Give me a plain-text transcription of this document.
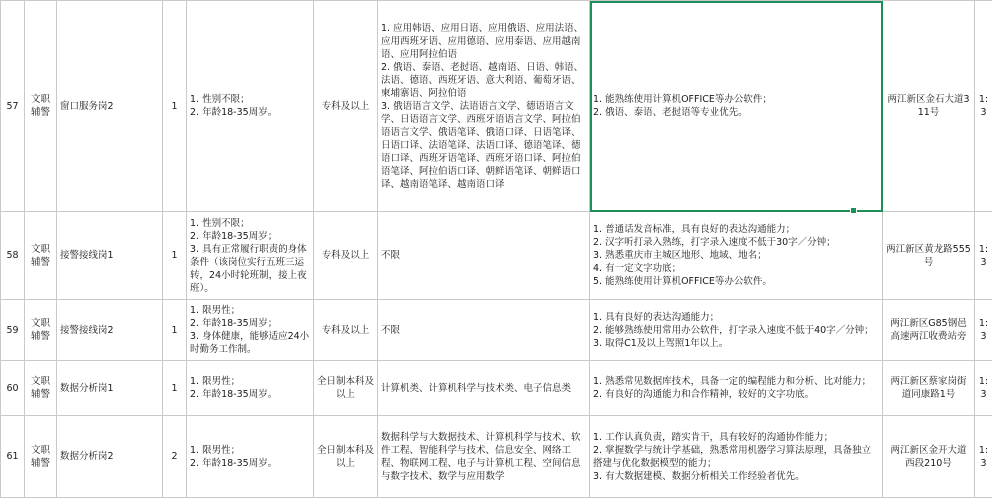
57	文职
辅警	窗口服务岗2	1	1. 性别不限；
2. 年龄18-35周岁。	专科及以上	1. 应用韩语、应用日语、应用俄语、应用法语、应用西班牙语、应用德语、应用泰语、应用越南语、应用阿拉伯语
2. 俄语、泰语、老挝语、越南语、日语、韩语、法语、德语、西班牙语、意大利语、葡萄牙语、柬埔寨语、阿拉伯语
3. 俄语语言文学、法语语言文学、德语语言文学、日语语言文学、西班牙语语言文学、阿拉伯语语言文学、俄语笔译、俄语口译、日语笔译、日语口译、法语笔译、法语口译、德语笔译、德语口译、西班牙语笔译、西班牙语口译、阿拉伯语笔译、阿拉伯语口译、朝鲜语笔译、朝鲜语口译、越南语笔译、越南语口译	1. 能熟练使用计算机OFFICE等办公软件；
2. 俄语、泰语、老挝语等专业优先。	两江新区金石大道311号	1:3
58	文职
辅警	接警接线岗1	1	1. 性别不限；
2. 年龄18-35周岁；
3. 具有正常履行职责的身体条件（该岗位实行五班三运转，24小时轮班制，接上夜班）。	专科及以上	不限	1. 普通话发音标准，具有良好的表达沟通能力；
2. 汉字听打录入熟练，打字录入速度不低于30字／分钟；
3. 熟悉重庆市主城区地形、地域、地名；
4. 有一定文字功底；
5. 能熟练使用计算机OFFICE等办公软件。	两江新区黄龙路555号	1:3
59	文职
辅警	接警接线岗2	1	1. 限男性；
2. 年龄18-35周岁；
3. 身体健康，能够适应24小时勤务工作制。	专科及以上	不限	1. 具有良好的表达沟通能力；
2. 能够熟练使用常用办公软件，打字录入速度不低于40字／分钟；
3. 取得C1及以上驾照1年以上。	两江新区G85钢邑高速两江收费站旁	1:3
60	文职
辅警	数据分析岗1	1	1. 限男性；
2. 年龄18-35周岁。	全日制本科及以上	计算机类、计算机科学与技术类、电子信息类	1. 熟悉常见数据库技术，具备一定的编程能力和分析、比对能力；
2. 有良好的沟通能力和合作精神，较好的文字功底。	两江新区蔡家岗街道同康路1号	1:3
61	文职
辅警	数据分析岗2	2	1. 限男性；
2. 年龄18-35周岁。	全日制本科及以上	数据科学与大数据技术、计算机科学与技术、软件工程、智能科学与技术、信息安全、网络工程、物联网工程、电子与计算机工程、空间信息与数字技术、数学与应用数学	1. 工作认真负责，踏实肯干，具有较好的沟通协作能力；
2. 掌握数学与统计学基础，熟悉常用机器学习算法原理，具备独立搭建与优化数据模型的能力；
3. 有大数据建模、数据分析相关工作经验者优先。	两江新区金开大道西段210号	1:3
